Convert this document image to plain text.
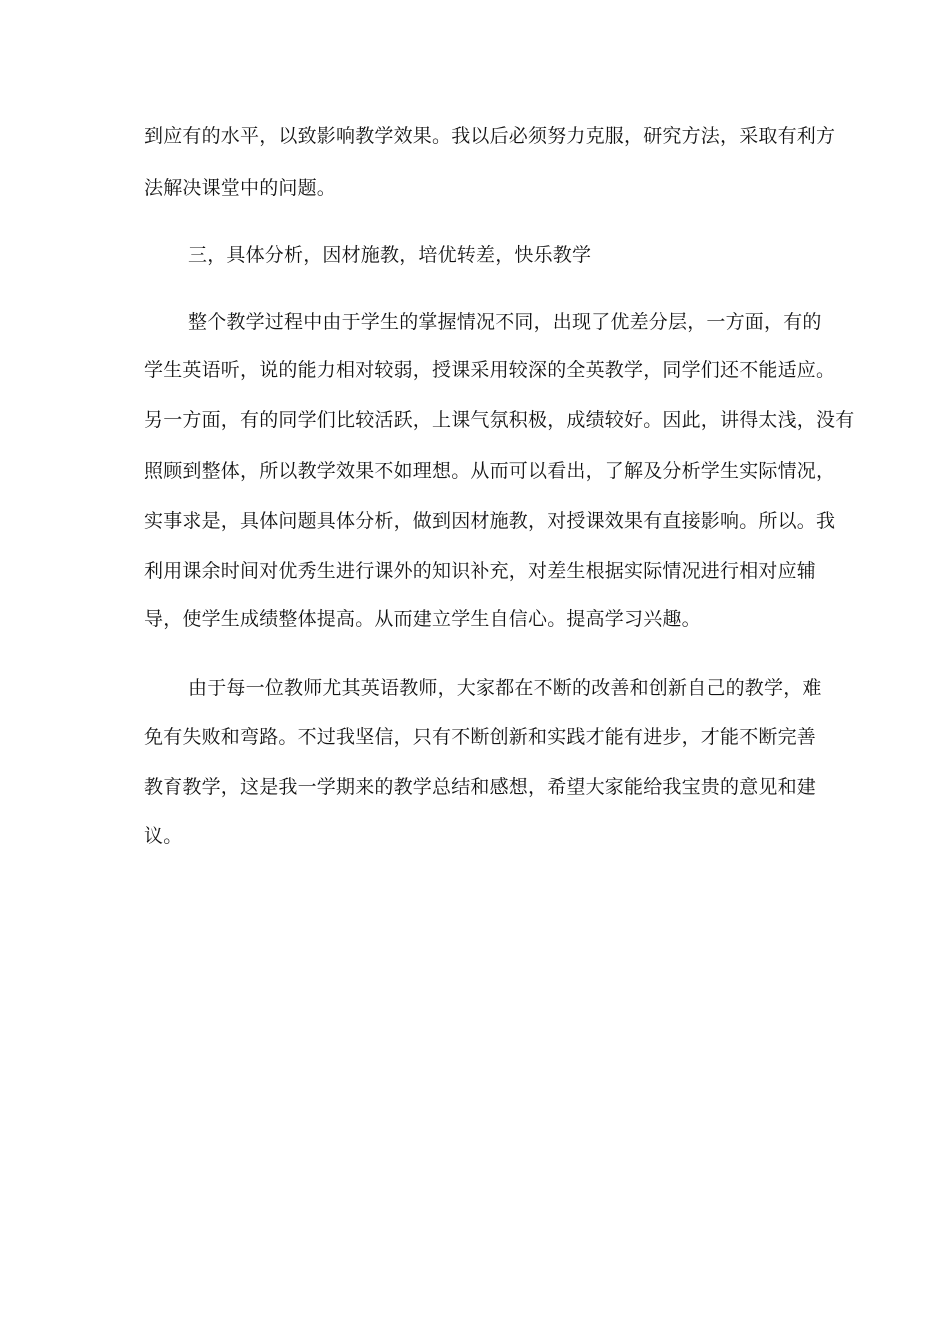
到应有的水平，以致影响教学效果。我以后必须努力克服，研究方法，采取有利方
法解决课堂中的问题。
三，具体分析，因材施教，培优转差，快乐教学
整个教学过程中由于学生的掌握情况不同，出现了优差分层，一方面，有的
学生英语听，说的能力相对较弱，授课采用较深的全英教学，同学们还不能适应。
另一方面，有的同学们比较活跃，上课气氛积极，成绩较好。因此，讲得太浅，没有
照顾到整体，所以教学效果不如理想。从而可以看出，了解及分析学生实际情况，
实事求是，具体问题具体分析，做到因材施教，对授课效果有直接影响。所以。我
利用课余时间对优秀生进行课外的知识补充，对差生根据实际情况进行相对应辅
导，使学生成绩整体提高。从而建立学生自信心。提高学习兴趣。
由于每一位教师尤其英语教师，大家都在不断的改善和创新自己的教学，难
免有失败和弯路。不过我坚信，只有不断创新和实践才能有进步，才能不断完善
教育教学，这是我一学期来的教学总结和感想，希望大家能给我宝贵的意见和建
议。
